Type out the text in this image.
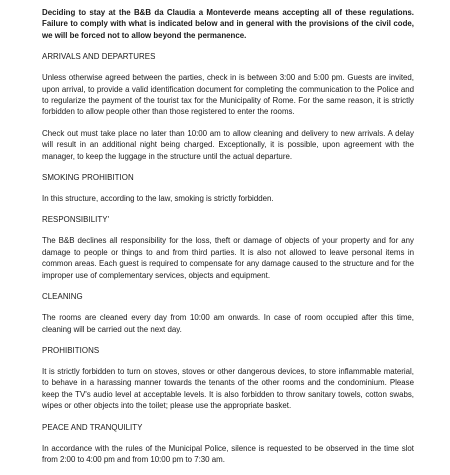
Deciding to stay at the B&B da Claudia a Monteverde means accepting all of these regulations. Failure to comply with what is indicated below and in general with the provisions of the civil code, we will be forced not to allow beyond the permanence.

ARRIVALS AND DEPARTURES

Unless otherwise agreed between the parties, check in is between 3:00 and 5:00 pm. Guests are invited, upon arrival, to provide a valid identification document for completing the communication to the Police and to regularize the payment of the tourist tax for the Municipality of Rome. For the same reason, it is strictly forbidden to allow people other than those registered to enter the rooms.

Check out must take place no later than 10:00 am to allow cleaning and delivery to new arrivals. A delay will result in an additional night being charged. Exceptionally, it is possible, upon agreement with the manager, to keep the luggage in the structure until the actual departure.

SMOKING PROHIBITION

In this structure, according to the law, smoking is strictly forbidden.

RESPONSIBILITY'

The B&B declines all responsibility for the loss, theft or damage of objects of your property and for any damage to people or things to and from third parties. It is also not allowed to leave personal items in common areas. Each guest is required to compensate for any damage caused to the structure and for the improper use of complementary services, objects and equipment.

CLEANING

The rooms are cleaned every day from 10:00 am onwards. In case of room occupied after this time, cleaning will be carried out the next day.

PROHIBITIONS

It is strictly forbidden to turn on stoves, stoves or other dangerous devices, to store inflammable material, to behave in a harassing manner towards the tenants of the other rooms and the condominium. Please keep the TV's audio level at acceptable levels. It is also forbidden to throw sanitary towels, cotton swabs, wipes or other objects into the toilet; please use the appropriate basket.

PEACE AND TRANQUILITY

In accordance with the rules of the Municipal Police, silence is requested to be observed in the time slot from 2:00 to 4:00 pm and from 10:00 pm to 7:30 am.
